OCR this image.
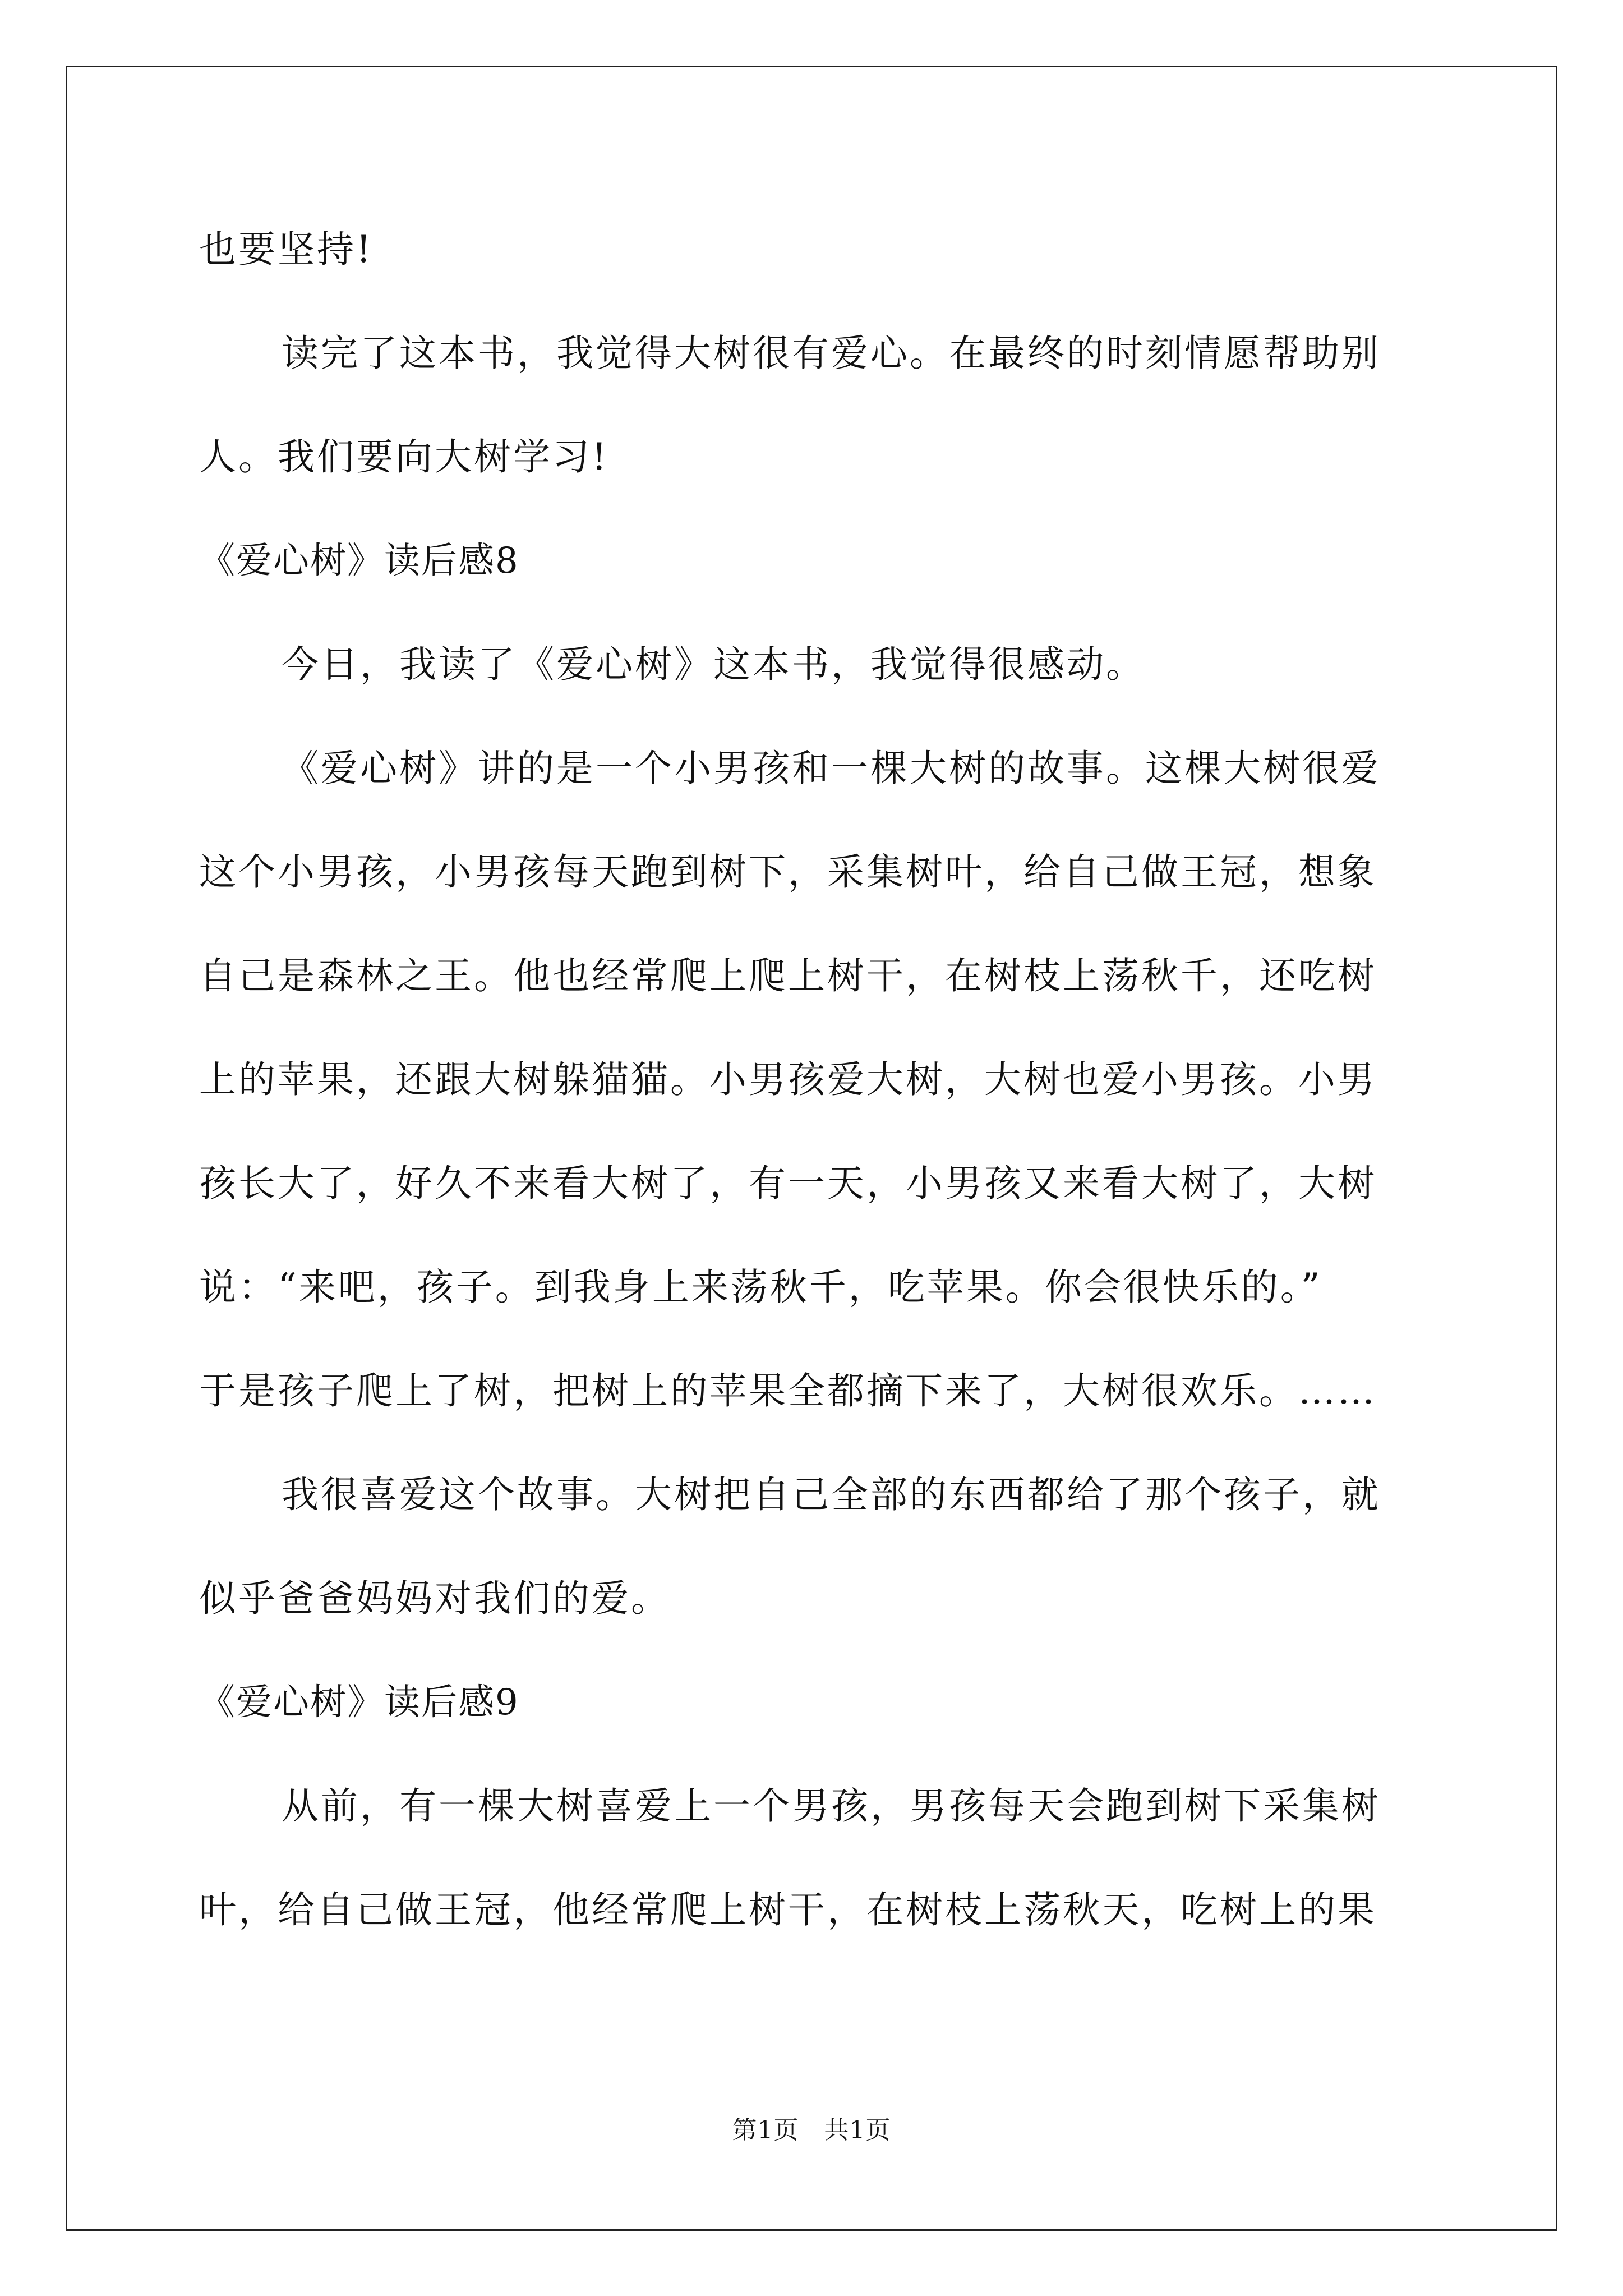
也要坚持!
读完了这本书，我觉得大树很有爱心。在最终的时刻情愿帮助别
人。我们要向大树学习!
《爱心树》读后感8
今日，我读了《爱心树》这本书，我觉得很感动。
《爱心树》讲的是一个小男孩和一棵大树的故事。这棵大树很爱
这个小男孩，小男孩每天跑到树下，采集树叶，给自己做王冠，想象
自己是森林之王。他也经常爬上爬上树干，在树枝上荡秋千，还吃树
上的苹果，还跟大树躲猫猫。小男孩爱大树，大树也爱小男孩。小男
孩长大了，好久不来看大树了，有一天，小男孩又来看大树了，大树
说：“来吧，孩子。到我身上来荡秋千，吃苹果。你会很快乐的。”
于是孩子爬上了树，把树上的苹果全都摘下来了，大树很欢乐。……
我很喜爱这个故事。大树把自己全部的东西都给了那个孩子，就
似乎爸爸妈妈对我们的爱。
《爱心树》读后感9
从前，有一棵大树喜爱上一个男孩，男孩每天会跑到树下采集树
叶，给自己做王冠，他经常爬上树干，在树枝上荡秋天，吃树上的果
第1页　共1页
